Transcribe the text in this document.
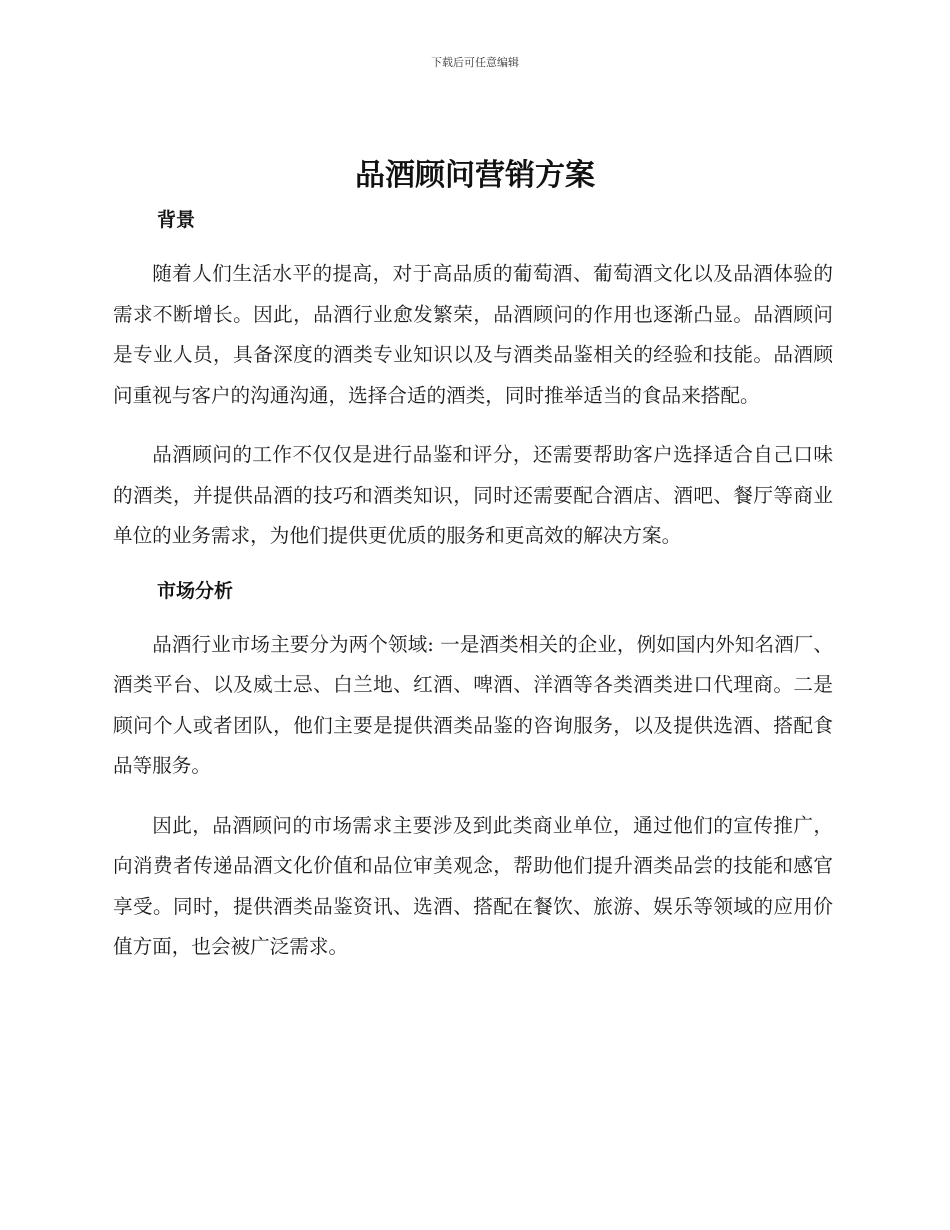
下载后可任意编辑
品酒顾问营销方案
背景

随着人们生活水平的提高，对于高品质的葡萄酒、葡萄酒文化以及品酒体验的需求不断增长。因此，品酒行业愈发繁荣，品酒顾问的作用也逐渐凸显。品酒顾问是专业人员，具备深度的酒类专业知识以及与酒类品鉴相关的经验和技能。品酒顾问重视与客户的沟通沟通，选择合适的酒类，同时推举适当的食品来搭配。

品酒顾问的工作不仅仅是进行品鉴和评分，还需要帮助客户选择适合自己口味的酒类，并提供品酒的技巧和酒类知识，同时还需要配合酒店、酒吧、餐厅等商业单位的业务需求，为他们提供更优质的服务和更高效的解决方案。

市场分析

品酒行业市场主要分为两个领域: 一是酒类相关的企业，例如国内外知名酒厂、酒类平台、以及威士忌、白兰地、红酒、啤酒、洋酒等各类酒类进口代理商。二是顾问个人或者团队，他们主要是提供酒类品鉴的咨询服务，以及提供选酒、搭配食品等服务。

因此，品酒顾问的市场需求主要涉及到此类商业单位，通过他们的宣传推广，向消费者传递品酒文化价值和品位审美观念，帮助他们提升酒类品尝的技能和感官享受。同时，提供酒类品鉴资讯、选酒、搭配在餐饮、旅游、娱乐等领域的应用价值方面，也会被广泛需求。
